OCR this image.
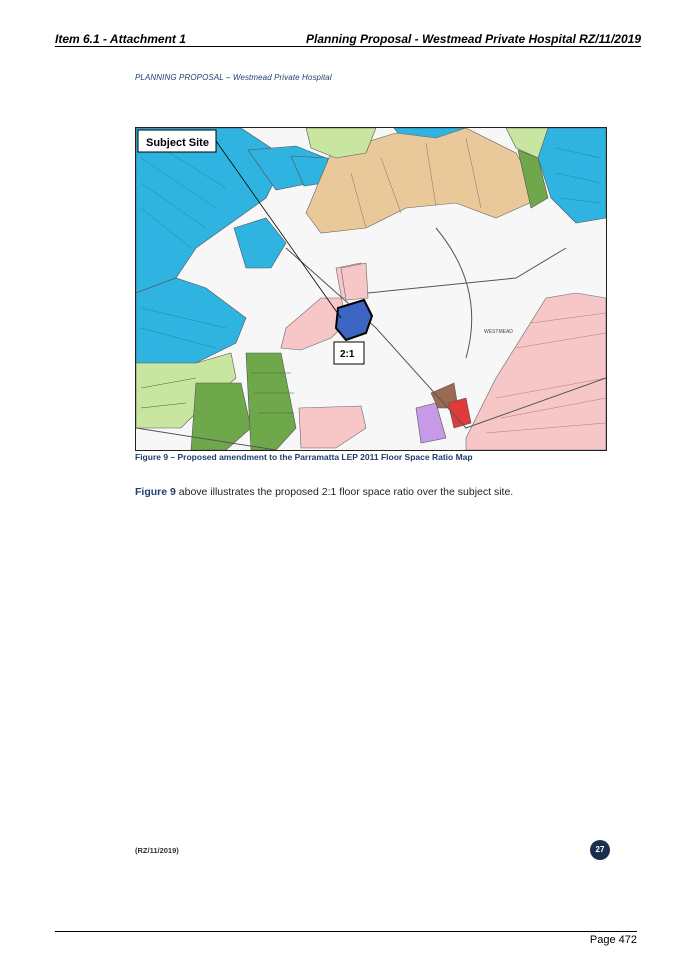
Item 6.1 - Attachment 1	Planning Proposal - Westmead Private Hospital RZ/11/2019
PLANNING PROPOSAL – Westmead Private Hospital
Subject Site
2:1
WESTMEAD
Figure 9 – Proposed amendment to the Parramatta LEP 2011 Floor Space Ratio Map
Figure 9 above illustrates the proposed 2:1 floor space ratio over the subject site.
(RZ/11/2019)	27
Page 472
